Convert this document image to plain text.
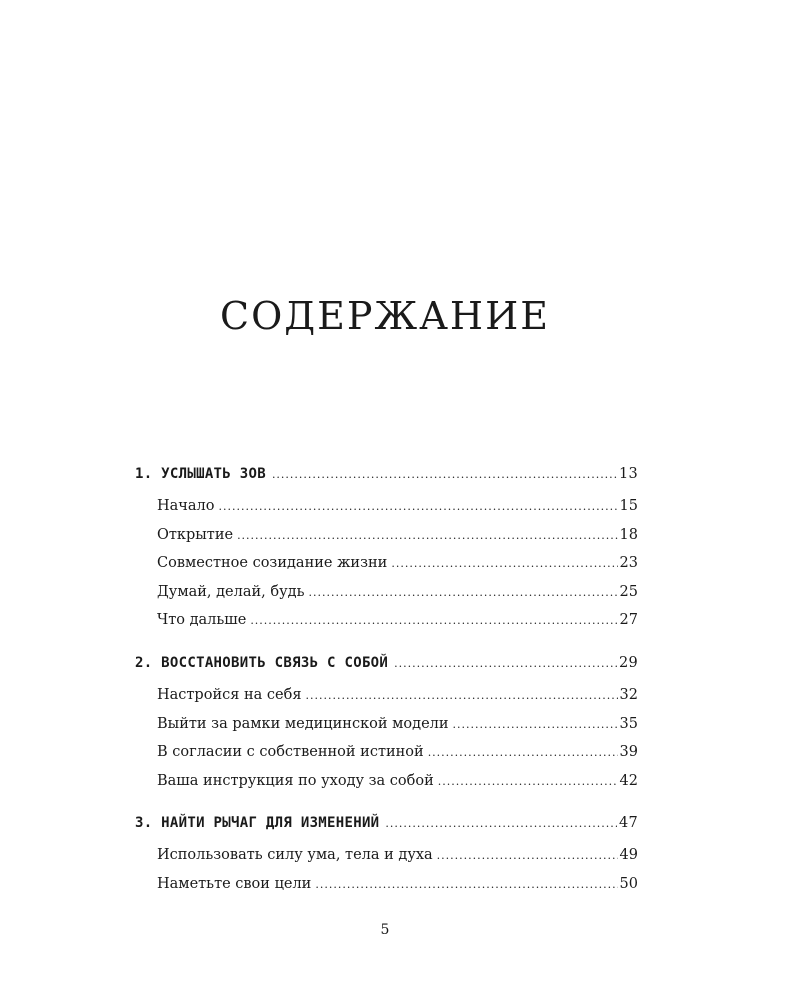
СОДЕРЖАНИЕ
1. УСЛЫШАТЬ ЗОВ .....	13
Начало .....	15
Открытие .....	18
Совместное созидание жизни .....	23
Думай, делай, будь .....	25
Что дальше .....	27
2. ВОССТАНОВИТЬ СВЯЗЬ С СОБОЙ .....	29
Настройся на себя .....	32
Выйти за рамки медицинской модели .....	35
В согласии с собственной истиной .....	39
Ваша инструкция по уходу за собой .....	42
3. НАЙТИ РЫЧАГ ДЛЯ ИЗМЕНЕНИЙ .....	47
Использовать силу ума, тела и духа .....	49
Наметьте свои цели .....	50
5
